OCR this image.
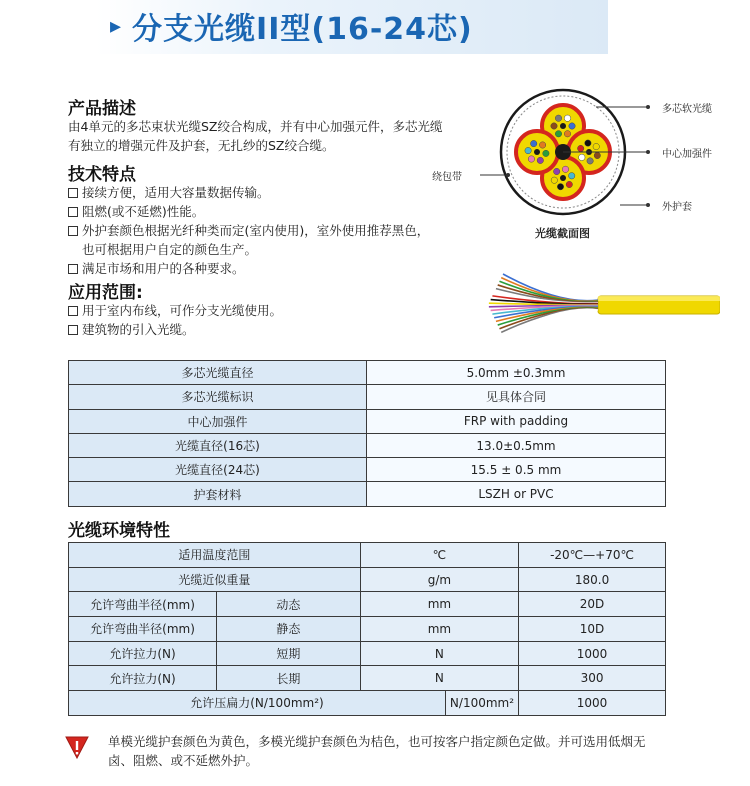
▸ 分支光缆II型(16-24芯)
产品描述
由4单元的多芯束状光缆SZ绞合构成，并有中心加强元件，多芯光缆
有独立的增强元件及护套，无扎纱的SZ绞合缆。
技术特点
接续方便，适用大容量数据传输。
阻燃(或不延燃)性能。
外护套颜色根据光纤种类而定(室内使用)，室外使用推荐黑色，
也可根据用户自定的颜色生产。
满足市场和用户的各种要求。
应用范围:
用于室内布线，可作分支光缆使用。
建筑物的引入光缆。
多芯软光缆
中心加强件
绕包带
外护套
光缆截面图
多芯光缆直径	5.0mm ±0.3mm
多芯光缆标识	见具体合同
中心加强件	FRP with padding
光缆直径(16芯)	13.0±0.5mm
光缆直径(24芯)	15.5 ± 0.5 mm
护套材料	LSZH or PVC
光缆环境特性
适用温度范围		℃		-20℃—+70℃
光缆近似重量		g/m		180.0
允许弯曲半径(mm)	动态	mm		20D
允许弯曲半径(mm)	静态	mm		10D
允许拉力(N)	短期	N		1000
允许拉力(N)	长期	N		300
允许压扁力(N/100mm²)			N/100mm²	1000
单模光缆护套颜色为黄色，多模光缆护套颜色为桔色，也可按客户指定颜色定做。并可选用低烟无卤、阻燃、或不延燃外护。
